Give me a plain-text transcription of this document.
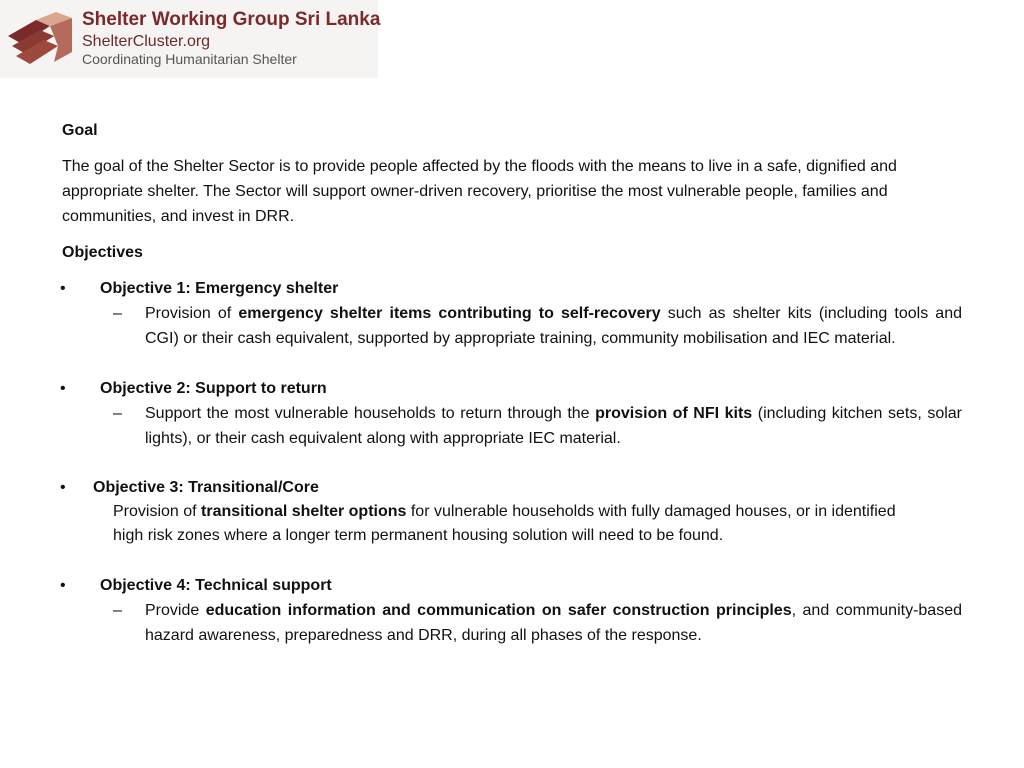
Shelter Working Group Sri Lanka
ShelterCluster.org
Coordinating Humanitarian Shelter

Goal

The goal of the Shelter Sector is to provide people affected by the floods with the means to live in a safe, dignified and appropriate shelter. The Sector will support owner-driven recovery, prioritise the most vulnerable people, families and communities, and invest in DRR.

Objectives

• Objective 1: Emergency shelter
– Provision of emergency shelter items contributing to self-recovery such as shelter kits (including tools and CGI) or their cash equivalent, supported by appropriate training, community mobilisation and IEC material.
• Objective 2: Support to return
– Support the most vulnerable households to return through the provision of NFI kits (including kitchen sets, solar lights), or their cash equivalent along with appropriate IEC material.
• Objective 3: Transitional/Core
Provision of transitional shelter options for vulnerable households with fully damaged houses, or in identified high risk zones where a longer term permanent housing solution will need to be found.
• Objective 4: Technical support
– Provide education information and communication on safer construction principles, and community-based hazard awareness, preparedness and DRR, during all phases of the response.
